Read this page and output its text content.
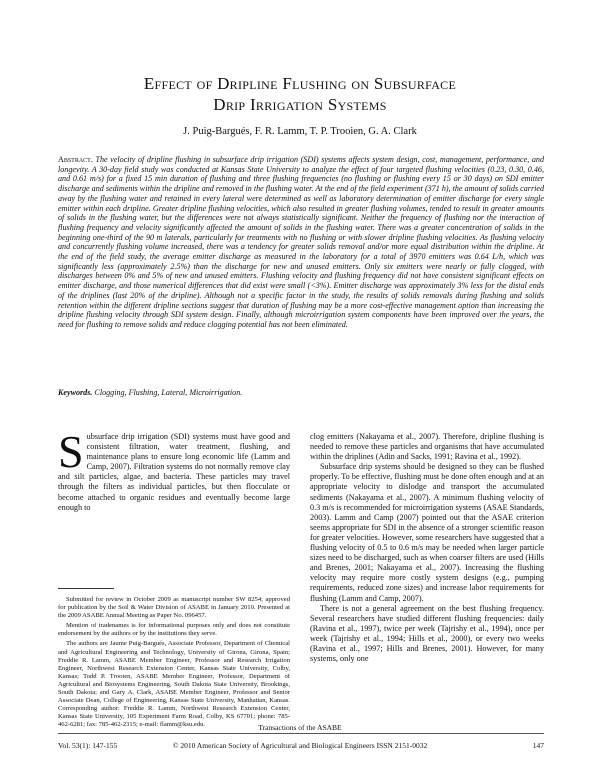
Effect of Dripline Flushing on Subsurface
Drip Irrigation Systems
J. Puig-Bargués, F. R. Lamm, T. P. Trooien, G. A. Clark
Abstract. The velocity of dripline flushing in subsurface drip irrigation (SDI) systems affects system design, cost, management, performance, and longevity. A 30-day field study was conducted at Kansas State University to analyze the effect of four targeted flushing velocities (0.23, 0.30, 0.46, and 0.61 m/s) for a fixed 15 min duration of flushing and three flushing frequencies (no flushing or flushing every 15 or 30 days) on SDI emitter discharge and sediments within the dripline and removed in the flushing water. At the end of the field experiment (371 h), the amount of solids carried away by the flushing water and retained in every lateral were determined as well as laboratory determination of emitter discharge for every single emitter within each dripline. Greater dripline flushing velocities, which also resulted in greater flushing volumes, tended to result in greater amounts of solids in the flushing water, but the differences were not always statistically significant. Neither the frequency of flushing nor the interaction of flushing frequency and velocity significantly affected the amount of solids in the flushing water. There was a greater concentration of solids in the beginning one-third of the 90 m laterals, particularly for treatments with no flushing or with slower dripline flushing velocities. As flushing velocity and concurrently flushing volume increased, there was a tendency for greater solids removal and/or more equal distribution within the dripline. At the end of the field study, the average emitter discharge as measured in the laboratory for a total of 3970 emitters was 0.64 L/h, which was significantly less (approximately 2.5%) than the discharge for new and unused emitters. Only six emitters were nearly or fully clogged, with discharges between 0% and 5% of new and unused emitters. Flushing velocity and flushing frequency did not have consistent significant effects on emitter discharge, and those numerical differences that did exist were small (<3%). Emitter discharge was approximately 3% less for the distal ends of the driplines (last 20% of the dripline). Although not a specific factor in the study, the results of solids removals during flushing and solids retention within the different dripline sections suggest that duration of flushing may be a more cost-effective management option than increasing the dripline flushing velocity through SDI system design. Finally, although microirrigation system components have been improved over the years, the need for flushing to remove solids and reduce clogging potential has not been eliminated.
Keywords. Clogging, Flushing, Lateral, Microirrigation.

Subsurface drip irrigation (SDI) systems must have good and consistent filtration, water treatment, flushing, and maintenance plans to ensure long economic life (Lamm and Camp, 2007). Filtration systems do not normally remove clay and silt particles, algae, and bacteria. These particles may travel through the filters as individual particles, but then flocculate or become attached to organic residues and eventually become large enough to

Submitted for review in October 2009 as manuscript number SW 8254; approved for publication by the Soil & Water Division of ASABE in January 2010. Presented at the 2009 ASABE Annual Meeting as Paper No. 096457.

Mention of tradenames is for informational purposes only and does not constitute endorsement by the authors or by the institutions they serve.

The authors are Jaume Puig-Bargués, Associate Professor, Department of Chemical and Agricultural Engineering and Technology, University of Girona, Girona, Spain; Freddie R. Lamm, ASABE Member Engineer, Professor and Research Irrigation Engineer, Northwest Research Extension Center, Kansas State University, Colby, Kansas; Todd P. Trooien, ASABE Member Engineer, Professor, Department of Agricultural and Biosystems Engineering, South Dakota State University, Brookings, South Dakota; and Gary A. Clark, ASABE Member Engineer, Professor and Senior Associate Dean, College of Engineering, Kansas State University, Manhattan, Kansas. Corresponding author: Freddie R. Lamm, Northwest Research Extension Center, Kansas State University, 105 Experiment Farm Road, Colby, KS 67701; phone: 785-462-6281; fax: 785-462-2315; e-mail: flamm@ksu.edu.

clog emitters (Nakayama et al., 2007). Therefore, dripline flushing is needed to remove these particles and organisms that have accumulated within the driplines (Adin and Sacks, 1991; Ravina et al., 1992).

Subsurface drip systems should be designed so they can be flushed properly. To be effective, flushing must be done often enough and at an appropriate velocity to dislodge and transport the accumulated sediments (Nakayama et al., 2007). A minimum flushing velocity of 0.3 m/s is recommended for microirrigation systems (ASAE Standards, 2003). Lamm and Camp (2007) pointed out that the ASAE criterion seems appropriate for SDI in the absence of a stronger scientific reason for greater velocities. However, some researchers have suggested that a flushing velocity of 0.5 to 0.6 m/s may be needed when larger particle sizes need to be discharged, such as when coarser filters are used (Hills and Brenes, 2001; Nakayama et al., 2007). Increasing the flushing velocity may require more costly system designs (e.g., pumping requirements, reduced zone sizes) and increase labor requirements for flushing (Lamm and Camp, 2007).

There is not a general agreement on the best flushing frequency. Several researchers have studied different flushing frequencies: daily (Ravina et al., 1997), twice per week (Tajrishy et al., 1994), once per week (Tajrishy et al., 1994; Hills et al., 2000), or every two weeks (Ravina et al., 1997; Hills and Brenes, 2001). However, for many systems, only one

Transactions of the ASABE
Vol. 53(1): 147-155	© 2010 American Society of Agricultural and Biological Engineers ISSN 2151-0032	147
